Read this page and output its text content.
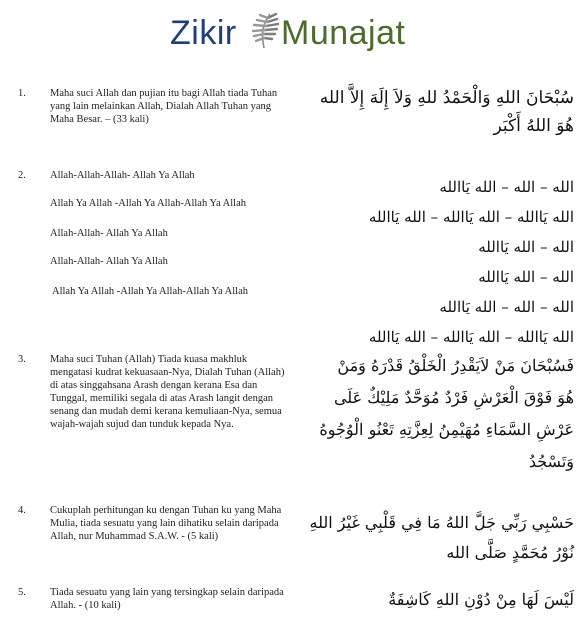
Zikir Munajat
1. Maha suci Allah dan pujian itu bagi Allah tiada Tuhan yang lain melainkan Allah, Dialah Allah Tuhan yang Maha Besar. – (33 kali)
سُبْحَانَ اللهِ وَالْحَمْدُ للهِ وَلاَ إِلَهَ إِلاَّ الله
هُوَ اللهُ أَكْبَر
2. Allah-Allah-Allah- Allah Ya Allah
Allah Ya Allah -Allah Ya Allah-Allah Ya Allah
Allah-Allah- Allah Ya Allah
Allah-Allah- Allah Ya Allah
Allah Ya Allah -Allah Ya Allah-Allah Ya Allah
الله – الله – الله يَاالله
الله يَاالله – الله يَاالله – الله يَاالله
الله – الله يَاالله
الله – الله يَاالله
الله – الله – الله يَاالله
الله يَاالله – الله يَاالله – الله يَاالله
3. Maha suci Tuhan (Allah) Tiada kuasa makhluk mengatasi kudrat kekuasaan-Nya, Dialah Tuhan (Allah) di atas singgahsana Arash dengan kerana Esa dan Tunggal, memiliki segala di atas Arash langit dengan senang dan mudah demi kerana kemuliaan-Nya, semua wajah-wajah sujud dan tunduk kepada Nya.
فَسُبْحَانَ مَنْ لاَيَقْدِرُ الْخَلْقُ قَدْرَهُ وَمَنْ
هُوَ فَوْقَ الْعَرْشِ فَرْدٌ مُوَحَّدٌ مَلِيْكٌ عَلَى
عَرْشِ السَّمَاءِ مُهَيْمِنُ لِعِزَّتِهِ تَعْنُو الْوُجُوهُ
وَتَسْجُدُ
4. Cukuplah perhitungan ku dengan Tuhan ku yang Maha Mulia, tiada sesuatu yang lain dihatiku selain daripada Allah, nur Muhammad S.A.W. - (5 kali)
حَسْبِي رَبِّي جَلَّ اللهُ مَا فِي قَلْبِي غَيْرُ اللهِ
نُوْرُ مُحَمَّدٍ صَلَّى الله
5. Tiada sesuatu yang lain yang tersingkap selain daripada Allah. - (10 kali)	لَيْسَ لَهَا مِنْ دُوْنِ اللهِ كَاشِفَةٌ
